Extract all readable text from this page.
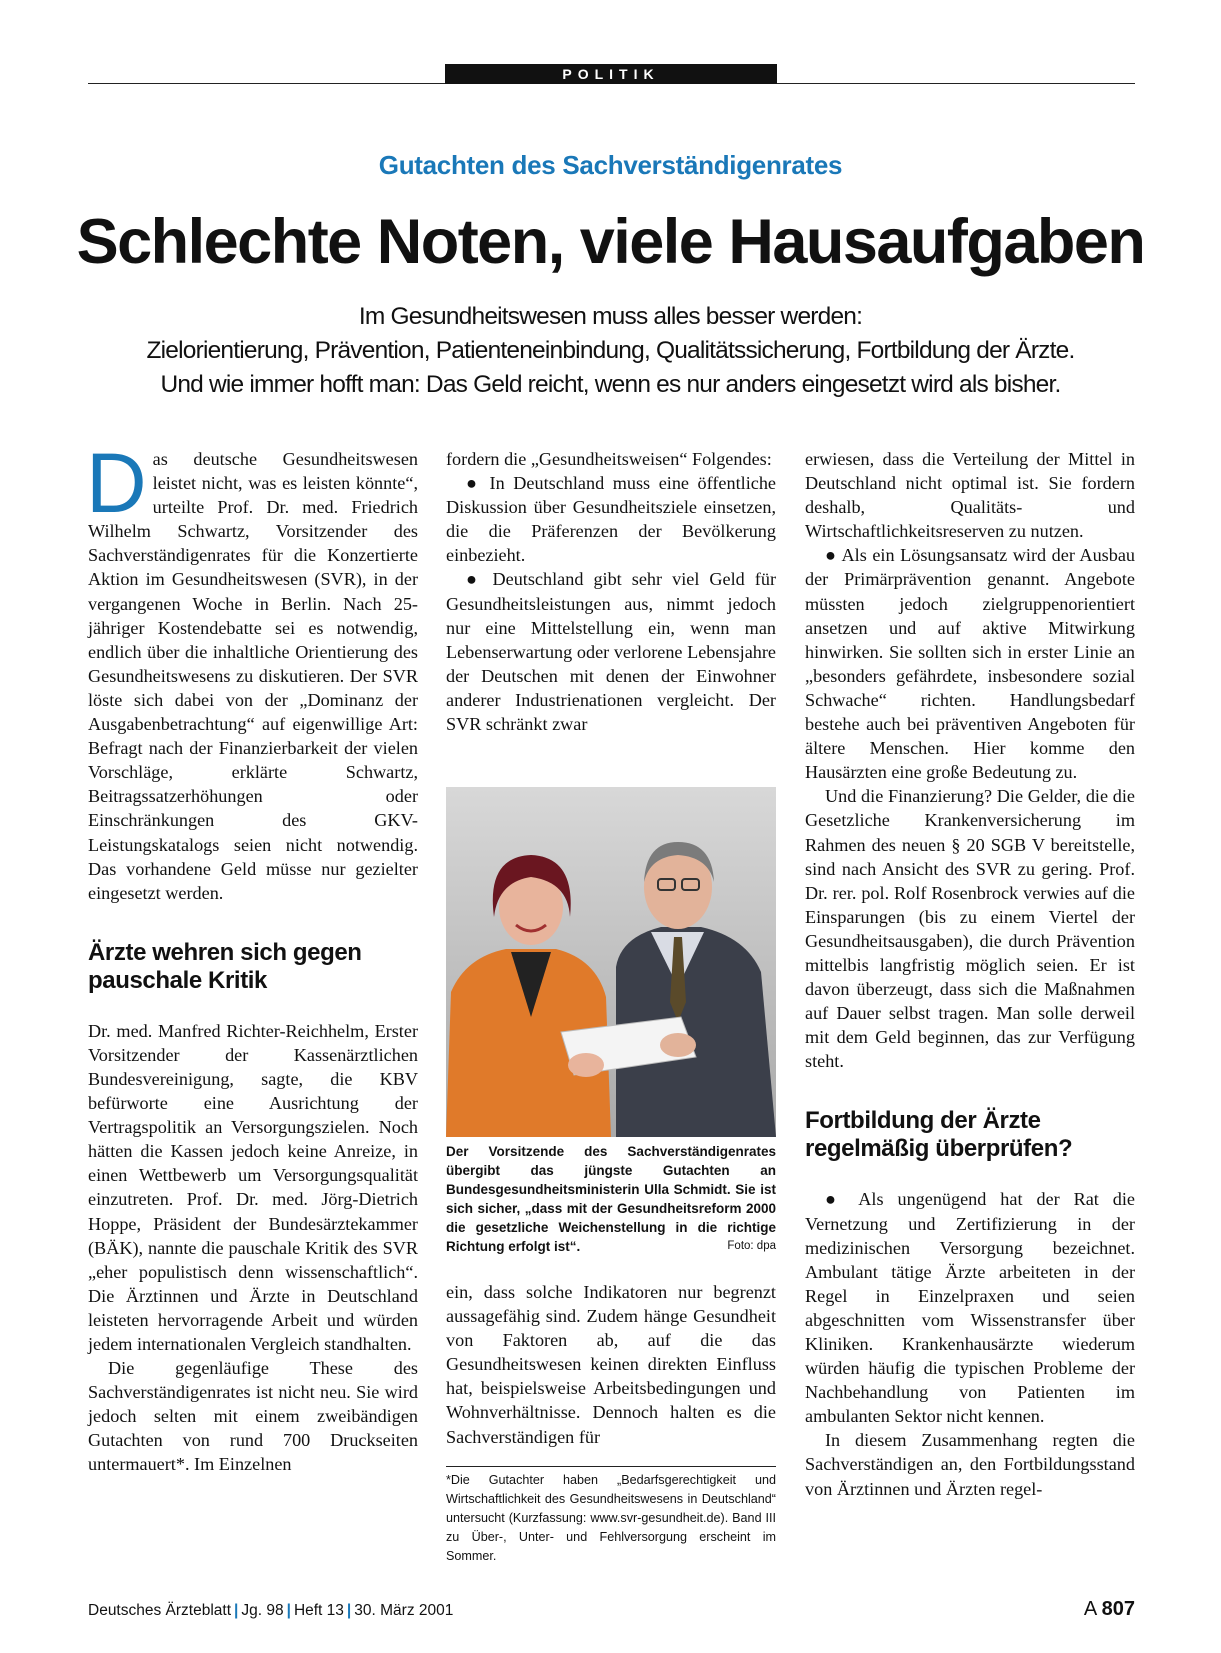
POLITIK
Gutachten des Sachverständigenrates
Schlechte Noten, viele Hausaufgaben

Im Gesundheitswesen muss alles besser werden:

Zielorientierung, Prävention, Patienteneinbindung, Qualitätssicherung, Fortbildung der Ärzte.

Und wie immer hofft man: Das Geld reicht, wenn es nur anders eingesetzt wird als bisher.

Das deutsche Gesundheitswesen leistet nicht, was es leisten könnte“, urteilte Prof. Dr. med. Friedrich Wilhelm Schwartz, Vorsitzender des Sachverständigenrates für die Konzertierte Aktion im Gesundheitswesen (SVR), in der vergangenen Woche in Berlin. Nach 25-jähriger Kostendebatte sei es notwendig, endlich über die inhaltliche Orientierung des Gesundheitswesens zu diskutieren. Der SVR löste sich dabei von der „Dominanz der Ausgabenbetrachtung“ auf eigenwillige Art: Befragt nach der Finanzierbarkeit der vielen Vorschläge, erklärte Schwartz, Beitragssatzerhöhungen oder Einschränkungen des GKV-Leistungskatalogs seien nicht notwendig. Das vorhandene Geld müsse nur gezielter eingesetzt werden.

Ärzte wehren sich gegen pauschale Kritik

Dr. med. Manfred Richter-Reichhelm, Erster Vorsitzender der Kassenärztlichen Bundesvereinigung, sagte, die KBV befürworte eine Ausrichtung der Vertragspolitik an Versorgungszielen. Noch hätten die Kassen jedoch keine Anreize, in einen Wettbewerb um Versorgungsqualität einzutreten. Prof. Dr. med. Jörg-Dietrich Hoppe, Präsident der Bundesärztekammer (BÄK), nannte die pauschale Kritik des SVR „eher populistisch denn wissenschaftlich“. Die Ärztinnen und Ärzte in Deutschland leisteten hervorragende Arbeit und würden jedem internationalen Vergleich standhalten.

Die gegenläufige These des Sachverständigenrates ist nicht neu. Sie wird jedoch selten mit einem zweibändigen Gutachten von rund 700 Druckseiten untermauert*. Im Einzelnen

fordern die „Gesundheitsweisen“ Folgendes:

● In Deutschland muss eine öffentliche Diskussion über Gesundheitsziele einsetzen, die die Präferenzen der Bevölkerung einbezieht.

● Deutschland gibt sehr viel Geld für Gesundheitsleistungen aus, nimmt jedoch nur eine Mittelstellung ein, wenn man Lebenserwartung oder verlorene Lebensjahre der Deutschen mit denen der Einwohner anderer Industrienationen vergleicht. Der SVR schränkt zwar

Der Vorsitzende des Sachverständigenrates übergibt das jüngste Gutachten an Bundesgesundheitsministerin Ulla Schmidt. Sie ist sich sicher, „dass mit der Gesundheitsreform 2000 die gesetzliche Weichenstellung in die richtige Richtung erfolgt ist“.	Foto: dpa

ein, dass solche Indikatoren nur begrenzt aussagefähig sind. Zudem hänge Gesundheit von Faktoren ab, auf die das Gesundheitswesen keinen direkten Einfluss hat, beispielsweise Arbeitsbedingungen und Wohnverhältnisse. Dennoch halten es die Sachverständigen für

*Die Gutachter haben „Bedarfsgerechtigkeit und Wirtschaftlichkeit des Gesundheitswesens in Deutschland“ untersucht (Kurzfassung: www.svr-gesundheit.de). Band III zu Über-, Unter- und Fehlversorgung erscheint im Sommer.

erwiesen, dass die Verteilung der Mittel in Deutschland nicht optimal ist. Sie fordern deshalb, Qualitäts- und Wirtschaftlichkeitsreserven zu nutzen.

● Als ein Lösungsansatz wird der Ausbau der Primärprävention genannt. Angebote müssten jedoch zielgruppenorientiert ansetzen und auf aktive Mitwirkung hinwirken. Sie sollten sich in erster Linie an „besonders gefährdete, insbesondere sozial Schwache“ richten. Handlungsbedarf bestehe auch bei präventiven Angeboten für ältere Menschen. Hier komme den Hausärzten eine große Bedeutung zu.

Und die Finanzierung? Die Gelder, die die Gesetzliche Krankenversicherung im Rahmen des neuen § 20 SGB V bereitstelle, sind nach Ansicht des SVR zu gering. Prof. Dr. rer. pol. Rolf Rosenbrock verwies auf die Einsparungen (bis zu einem Viertel der Gesundheitsausgaben), die durch Prävention mittelbis langfristig möglich seien. Er ist davon überzeugt, dass sich die Maßnahmen auf Dauer selbst tragen. Man solle derweil mit dem Geld beginnen, das zur Verfügung steht.

Fortbildung der Ärzte regelmäßig überprüfen?

● Als ungenügend hat der Rat die Vernetzung und Zertifizierung in der medizinischen Versorgung bezeichnet. Ambulant tätige Ärzte arbeiteten in der Regel in Einzelpraxen und seien abgeschnitten vom Wissenstransfer über Kliniken. Krankenhausärzte wiederum würden häufig die typischen Probleme der Nachbehandlung von Patienten im ambulanten Sektor nicht kennen.

In diesem Zusammenhang regten die Sachverständigen an, den Fortbildungsstand von Ärztinnen und Ärzten regel-

Deutsches Ärzteblatt | Jg. 98 | Heft 13 | 30. März 2001	A 807
